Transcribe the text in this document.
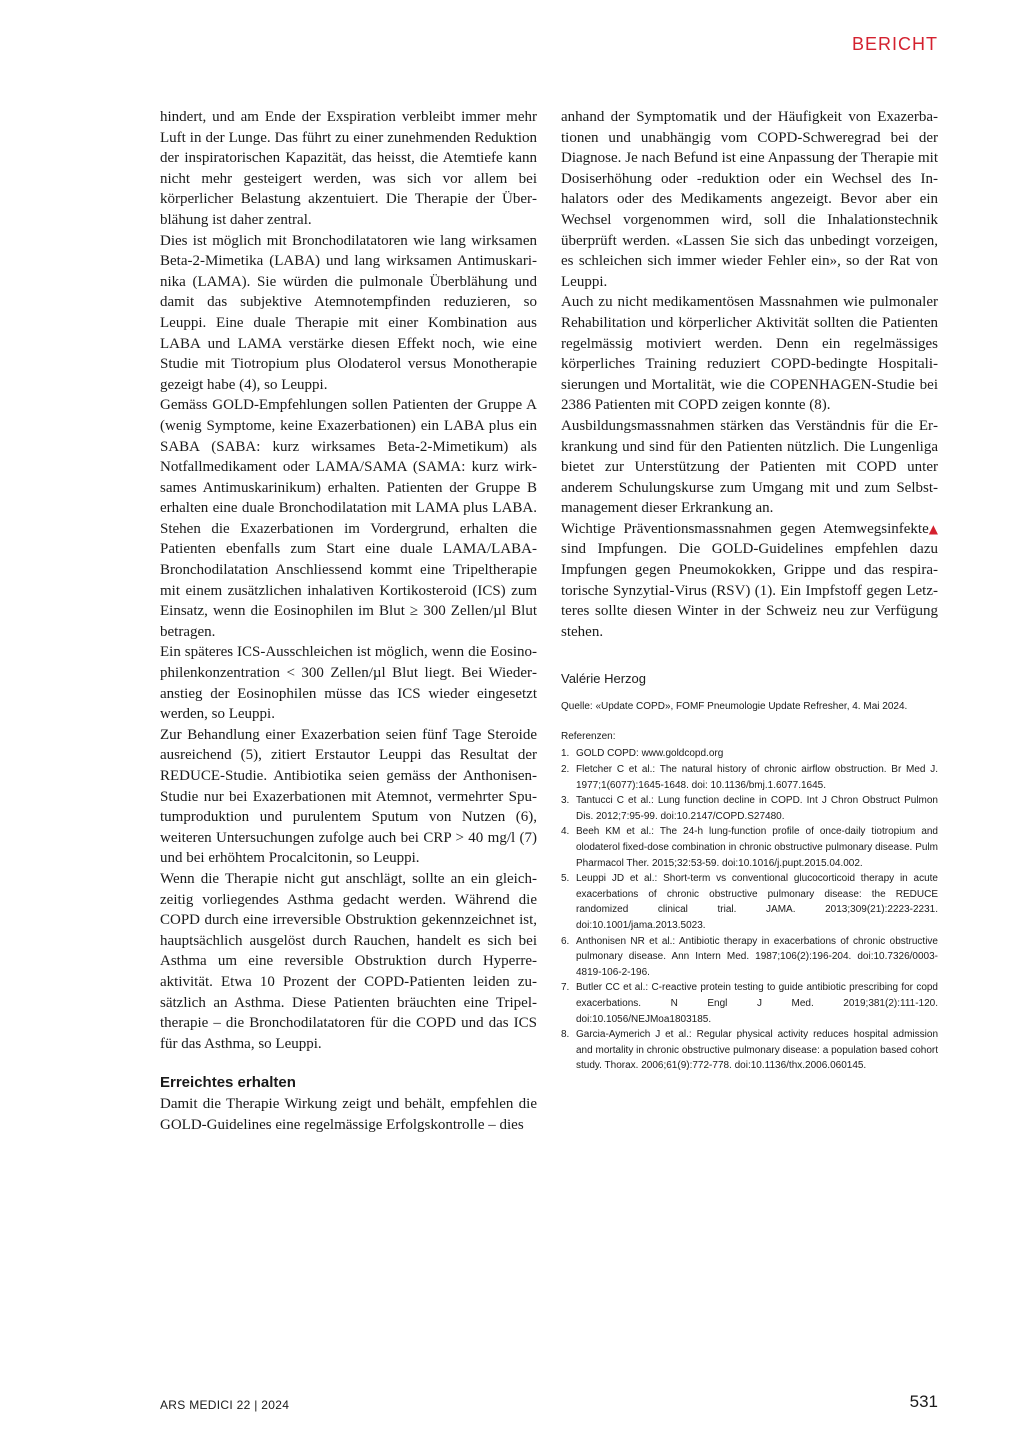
BERICHT

hindert, und am Ende der Exspiration verbleibt immer mehr Luft in der Lunge. Das führt zu einer zunehmenden Reduktion der inspiratorischen Kapazität, das heisst, die Atemtiefe kann nicht mehr gesteigert werden, was sich vor allem bei körperlicher Belastung akzentuiert. Die Therapie der Überblähung ist daher zentral.

Dies ist möglich mit Bronchodilatatoren wie lang wirksamen Beta-2-Mimetika (LABA) und lang wirksamen Antimuskarinika (LAMA). Sie würden die pulmonale Überblähung und damit das subjektive Atemnotempfinden reduzieren, so Leuppi. Eine duale Therapie mit einer Kombination aus LABA und LAMA verstärke diesen Effekt noch, wie eine Studie mit Tiotropium plus Olodaterol versus Monotherapie gezeigt habe (4), so Leuppi.

Gemäss GOLD-Empfehlungen sollen Patienten der Gruppe A (wenig Symptome, keine Exazerbationen) ein LABA plus ein SABA (SABA: kurz wirksames Beta-2-Mimetikum) als Notfallmedikament oder LAMA/SAMA (SAMA: kurz wirksames Antimuskarinikum) erhalten. Patienten der Gruppe B erhalten eine duale Bronchodilatation mit LAMA plus LABA. Stehen die Exazerbationen im Vordergrund, erhalten die Patienten ebenfalls zum Start eine duale LAMA/LABA-Bronchodilatation Anschliessend kommt eine Tripeltherapie mit einem zusätzlichen inhalativen Kortikosteroid (ICS) zum Einsatz, wenn die Eosinophilen im Blut ≥ 300 Zellen/µl Blut betragen.

Ein späteres ICS-Ausschleichen ist möglich, wenn die Eosinophilenkonzentration < 300 Zellen/µl Blut liegt. Bei Wiederanstieg der Eosinophilen müsse das ICS wieder eingesetzt werden, so Leuppi.

Zur Behandlung einer Exazerbation seien fünf Tage Steroide ausreichend (5), zitiert Erstautor Leuppi das Resultat der REDUCE-Studie. Antibiotika seien gemäss der Anthonisen-Studie nur bei Exazerbationen mit Atemnot, vermehrter Sputumproduktion und purulentem Sputum von Nutzen (6), weiteren Untersuchungen zufolge auch bei CRP > 40 mg/l (7) und bei erhöhtem Procalcitonin, so Leuppi.

Wenn die Therapie nicht gut anschlägt, sollte an ein gleichzeitig vorliegendes Asthma gedacht werden. Während die COPD durch eine irreversible Obstruktion gekennzeichnet ist, hauptsächlich ausgelöst durch Rauchen, handelt es sich bei Asthma um eine reversible Obstruktion durch Hyperreaktivität. Etwa 10 Prozent der COPD-Patienten leiden zusätzlich an Asthma. Diese Patienten bräuchten eine Tripeltherapie – die Bronchodilatatoren für die COPD und das ICS für das Asthma, so Leuppi.

Erreichtes erhalten

Damit die Therapie Wirkung zeigt und behält, empfehlen die GOLD-Guidelines eine regelmässige Erfolgskontrolle – dies

anhand der Symptomatik und der Häufigkeit von Exazerbationen und unabhängig vom COPD-Schweregrad bei der Diagnose. Je nach Befund ist eine Anpassung der Therapie mit Dosiserhöhung oder -reduktion oder ein Wechsel des Inhalators oder des Medikaments angezeigt. Bevor aber ein Wechsel vorgenommen wird, soll die Inhalationstechnik überprüft werden. «Lassen Sie sich das unbedingt vorzeigen, es schleichen sich immer wieder Fehler ein», so der Rat von Leuppi.

Auch zu nicht medikamentösen Massnahmen wie pulmonaler Rehabilitation und körperlicher Aktivität sollten die Patienten regelmässig motiviert werden. Denn ein regelmässiges körperliches Training reduziert COPD-bedingte Hospitalisierungen und Mortalität, wie die COPENHAGEN-Studie bei 2386 Patienten mit COPD zeigen konnte (8).

Ausbildungsmassnahmen stärken das Verständnis für die Erkrankung und sind für den Patienten nützlich. Die Lungenliga bietet zur Unterstützung der Patienten mit COPD unter anderem Schulungskurse zum Umgang mit und zum Selbstmanagement dieser Erkrankung an.

▲
Wichtige Präventionsmassnahmen gegen Atemwegsinfekte sind Impfungen. Die GOLD-Guidelines empfehlen dazu Impfungen gegen Pneumokokken, Grippe und das respiratorische Synzytial-Virus (RSV) (1). Ein Impfstoff gegen Letzteres sollte diesen Winter in der Schweiz neu zur Verfügung stehen.

Valérie Herzog
Quelle: «Update COPD», FOMF Pneumologie Update Refresher, 4. Mai 2024.
Referenzen:
1. GOLD COPD: www.goldcopd.org
2. Fletcher C et al.: The natural history of chronic airflow obstruction. Br Med J. 1977;1(6077):1645-1648. doi: 10.1136/bmj.1.6077.1645.
3. Tantucci C et al.: Lung function decline in COPD. Int J Chron Obstruct Pulmon Dis. 2012;7:95-99. doi:10.2147/COPD.S27480.
4. Beeh KM et al.: The 24-h lung-function profile of once-daily tiotropium and olodaterol fixed-dose combination in chronic obstructive pulmonary disease. Pulm Pharmacol Ther. 2015;32:53-59. doi:10.1016/j.pupt.2015.04.002.
5. Leuppi JD et al.: Short-term vs conventional glucocorticoid therapy in acute exacerbations of chronic obstructive pulmonary disease: the REDUCE randomized clinical trial. JAMA. 2013;309(21):2223-2231. doi:10.1001/jama.2013.5023.
6. Anthonisen NR et al.: Antibiotic therapy in exacerbations of chronic obstructive pulmonary disease. Ann Intern Med. 1987;106(2):196-204. doi:10.7326/0003-4819-106-2-196.
7. Butler CC et al.: C-reactive protein testing to guide antibiotic prescribing for copd exacerbations. N Engl J Med. 2019;381(2):111-120. doi:10.1056/NEJMoa1803185.
8. Garcia-Aymerich J et al.: Regular physical activity reduces hospital admission and mortality in chronic obstructive pulmonary disease: a population based cohort study. Thorax. 2006;61(9):772-778. doi:10.1136/thx.2006.060145.
ARS MEDICI 22 | 2024	531
